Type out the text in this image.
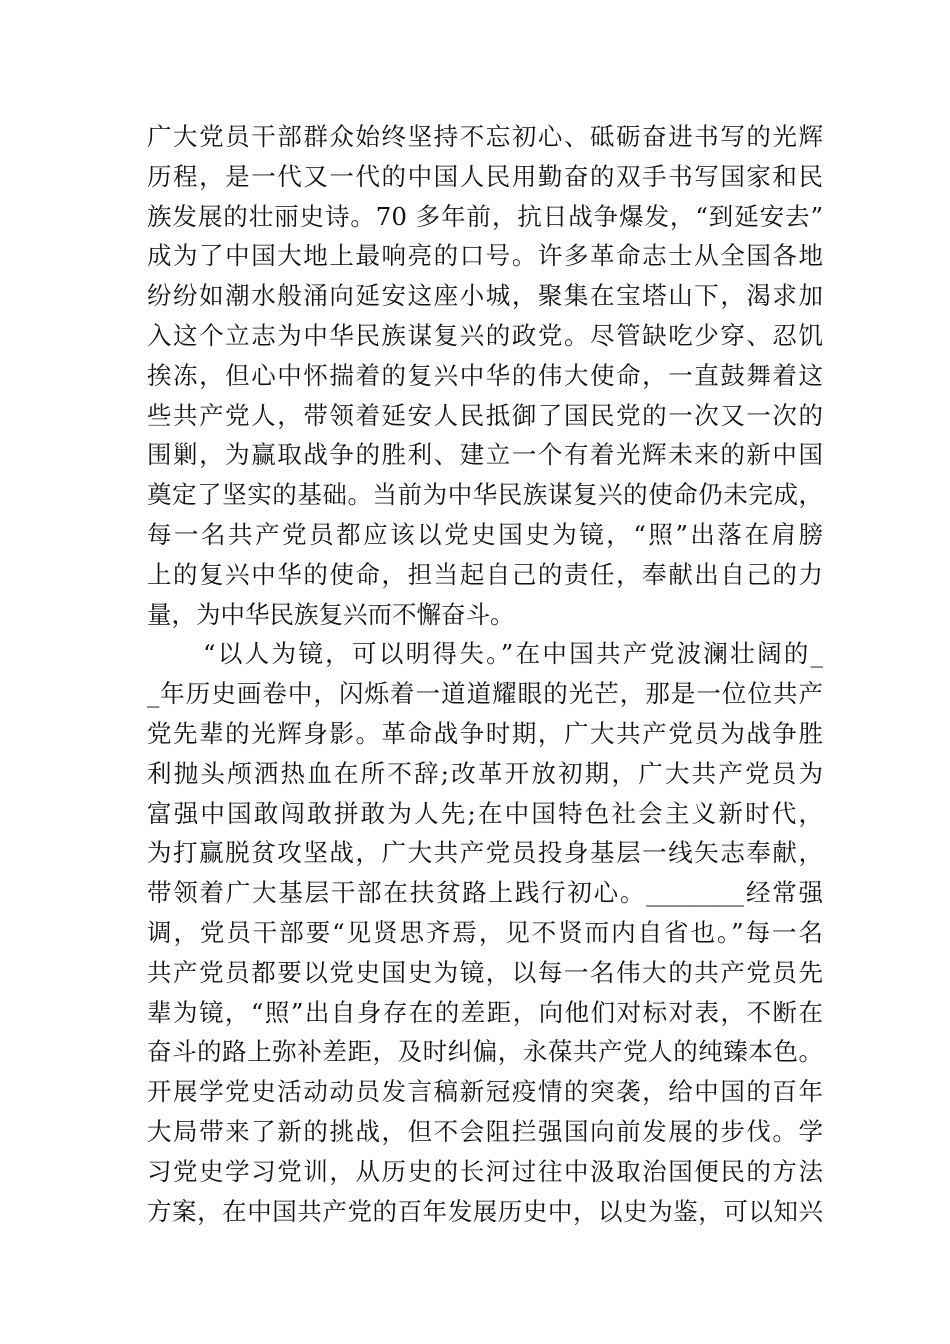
广大党员干部群众始终坚持不忘初心、砥砺奋进书写的光辉
历程，是一代又一代的中国人民用勤奋的双手书写国家和民
族发展的壮丽史诗。70 多年前，抗日战争爆发，“到延安去”
成为了中国大地上最响亮的口号。许多革命志士从全国各地
纷纷如潮水般涌向延安这座小城，聚集在宝塔山下，渴求加
入这个立志为中华民族谋复兴的政党。尽管缺吃少穿、忍饥
挨冻，但心中怀揣着的复兴中华的伟大使命，一直鼓舞着这
些共产党人，带领着延安人民抵御了国民党的一次又一次的
围剿，为赢取战争的胜利、建立一个有着光辉未来的新中国
奠定了坚实的基础。当前为中华民族谋复兴的使命仍未完成，
每一名共产党员都应该以党史国史为镜，“照”出落在肩膀
上的复兴中华的使命，担当起自己的责任，奉献出自己的力
量，为中华民族复兴而不懈奋斗。
“以人为镜，可以明得失。”在中国共产党波澜壮阔的_
_年历史画卷中，闪烁着一道道耀眼的光芒，那是一位位共产
党先辈的光辉身影。革命战争时期，广大共产党员为战争胜
利抛头颅洒热血在所不辞;改革开放初期，广大共产党员为
富强中国敢闯敢拼敢为人先;在中国特色社会主义新时代，
为打赢脱贫攻坚战，广大共产党员投身基层一线矢志奉献，
带领着广大基层干部在扶贫路上践行初心。________经常强
调，党员干部要“见贤思齐焉，见不贤而内自省也。”每一名
共产党员都要以党史国史为镜，以每一名伟大的共产党员先
辈为镜，“照”出自身存在的差距，向他们对标对表，不断在
奋斗的路上弥补差距，及时纠偏，永葆共产党人的纯臻本色。
开展学党史活动动员发言稿新冠疫情的突袭，给中国的百年
大局带来了新的挑战，但不会阻拦强国向前发展的步伐。学
习党史学习党训，从历史的长河过往中汲取治国便民的方法
方案，在中国共产党的百年发展历史中，以史为鉴，可以知兴
